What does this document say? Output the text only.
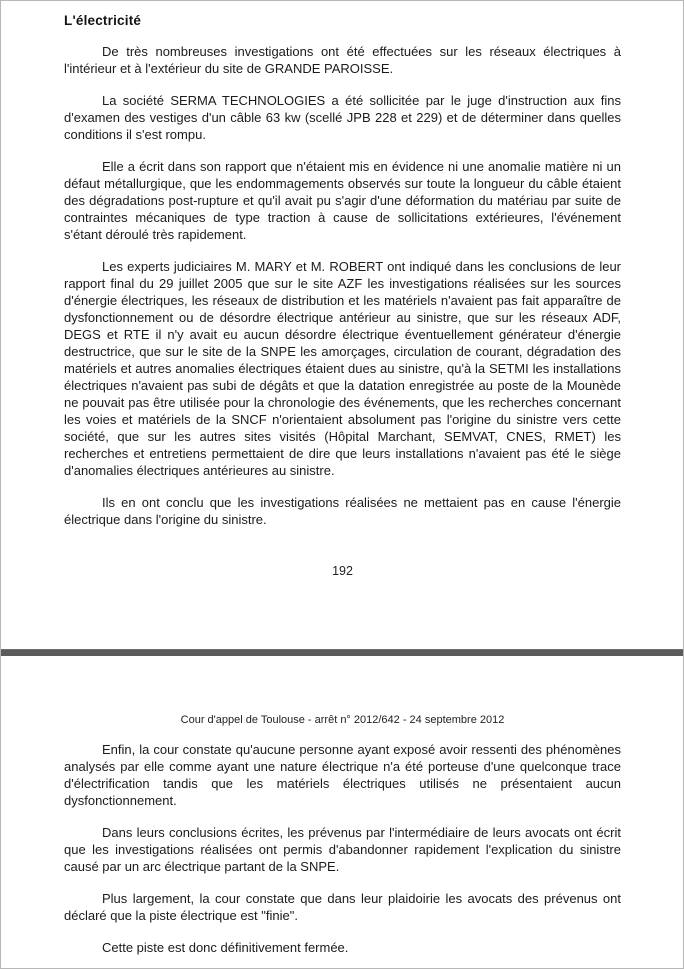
L'électricité

De très nombreuses investigations ont été effectuées sur les réseaux électriques à l'intérieur et à l'extérieur du site de GRANDE PAROISSE.

La société SERMA TECHNOLOGIES a été sollicitée par le juge d'instruction aux fins d'examen des vestiges d'un câble 63 kw (scellé JPB 228 et 229) et de déterminer dans quelles conditions il s'est rompu.

Elle a écrit dans son rapport que n'étaient mis en évidence ni une anomalie matière ni un défaut métallurgique, que les endommagements observés sur toute la longueur du câble étaient des dégradations post-rupture et qu'il avait pu s'agir d'une déformation du matériau par suite de contraintes mécaniques de type traction à cause de sollicitations extérieures, l'événement s'étant déroulé très rapidement.

Les experts judiciaires M. MARY et M. ROBERT ont indiqué dans les conclusions de leur rapport final du 29 juillet 2005 que sur le site AZF les investigations réalisées sur les sources d'énergie électriques, les réseaux de distribution et les matériels n'avaient pas fait apparaître de dysfonctionnement ou de désordre électrique antérieur au sinistre, que sur les réseaux ADF, DEGS et RTE il n'y avait eu aucun désordre électrique éventuellement générateur d'énergie destructrice, que sur le site de la SNPE les amorçages, circulation de courant, dégradation des matériels et autres anomalies électriques étaient dues au sinistre, qu'à la SETMI les installations électriques n'avaient pas subi de dégâts et que la datation enregistrée au poste de la Mounède ne pouvait pas être utilisée pour la chronologie des événements, que les recherches concernant les voies et matériels de la SNCF n'orientaient absolument pas l'origine du sinistre vers cette société, que sur les autres sites visités (Hôpital Marchant, SEMVAT, CNES, RMET) les recherches et entretiens permettaient de dire que leurs installations n'avaient pas été le siège d'anomalies électriques antérieures au sinistre.

Ils en ont conclu que les investigations réalisées ne mettaient pas en cause l'énergie électrique dans l'origine du sinistre.

192
Cour d'appel de Toulouse - arrêt n° 2012/642 - 24 septembre 2012

Enfin, la cour constate qu'aucune personne ayant exposé avoir ressenti des phénomènes analysés par elle comme ayant une nature électrique n'a été porteuse d'une quelconque trace d'électrification tandis que les matériels électriques utilisés ne présentaient aucun dysfonctionnement.

Dans leurs conclusions écrites, les prévenus par l'intermédiaire de leurs avocats ont écrit que les investigations réalisées ont permis d'abandonner rapidement l'explication du sinistre causé par un arc électrique partant de la SNPE.

Plus largement, la cour constate que dans leur plaidoirie les avocats des prévenus ont déclaré que la piste électrique est "finie".

Cette piste est donc définitivement fermée.
